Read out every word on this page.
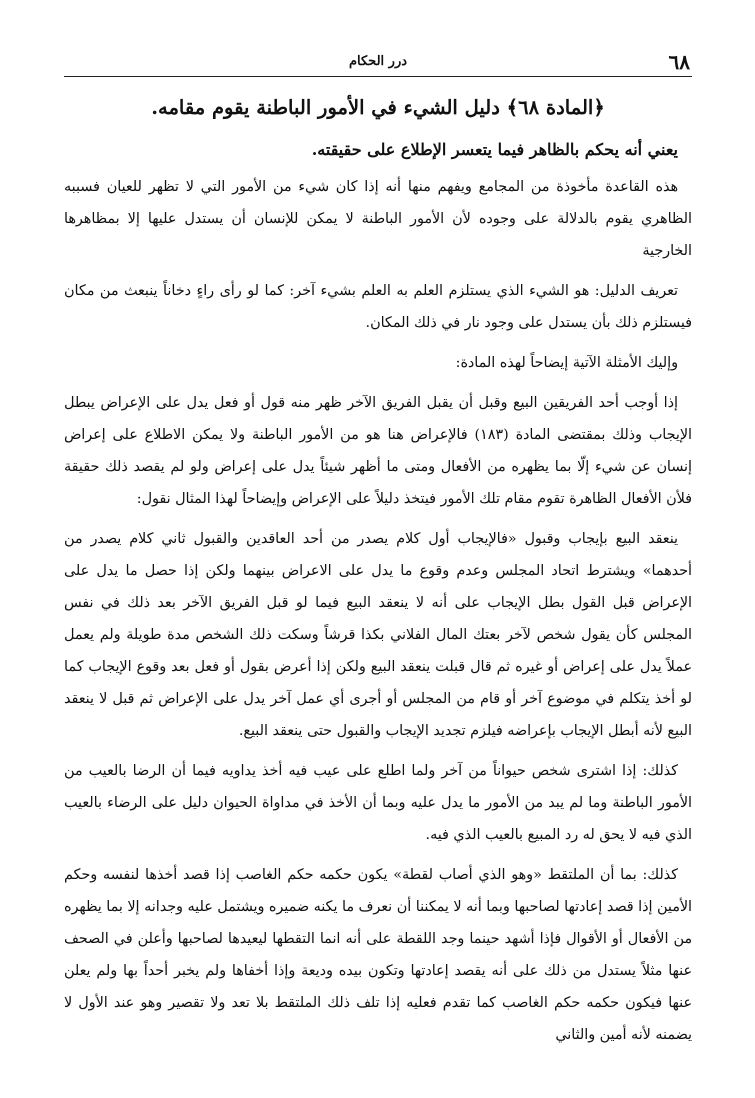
٦٨
درر الحكام
﴿المادة ٦٨﴾ دليل الشيء في الأمور الباطنة يقوم مقامه.

يعني أنه يحكم بالظاهر فيما يتعسر الإطلاع على حقيقته.

هذه القاعدة مأخوذة من المجامع ويفهم منها أنه إذا كان شيء من الأمور التي لا تظهر للعيان فسببه الظاهري يقوم بالدلالة على وجوده لأن الأمور الباطنة لا يمكن للإنسان أن يستدل عليها إلا بمظاهرها الخارجية

تعريف الدليل: هو الشيء الذي يستلزم العلم به العلم بشيء آخر: كما لو رأى راءٍ دخاناً ينبعث من مكان فيستلزم ذلك بأن يستدل على وجود نار في ذلك المكان.

وإليك الأمثلة الآتية إيضاحاً لهذه المادة:

إذا أوجب أحد الفريقين البيع وقبل أن يقبل الفريق الآخر ظهر منه قول أو فعل يدل على الإعراض يبطل الإيجاب وذلك بمقتضى المادة (١٨٣) فالإعراض هنا هو من الأمور الباطنة ولا يمكن الاطلاع على إعراض إنسان عن شيء إلّا بما يظهره من الأفعال ومتى ما أظهر شيئاً يدل على إعراض ولو لم يقصد ذلك حقيقة فلأن الأفعال الظاهرة تقوم مقام تلك الأمور فيتخذ دليلاً على الإعراض وإيضاحاً لهذا المثال نقول:

ينعقد البيع بإيجاب وقبول «فالإيجاب أول كلام يصدر من أحد العاقدين والقبول ثاني كلام يصدر من أحدهما» ويشترط اتحاد المجلس وعدم وقوع ما يدل على الاعراض بينهما ولكن إذا حصل ما يدل على الإعراض قبل القول بطل الإيجاب على أنه لا ينعقد البيع فيما لو قبل الفريق الآخر بعد ذلك في نفس المجلس كأن يقول شخص لآخر بعتك المال الفلاني بكذا قرشاً وسكت ذلك الشخص مدة طويلة ولم يعمل عملاً يدل على إعراض أو غيره ثم قال قبلت ينعقد البيع ولكن إذا أعرض بقول أو فعل بعد وقوع الإيجاب كما لو أخذ يتكلم في موضوع آخر أو قام من المجلس أو أجرى أي عمل آخر يدل على الإعراض ثم قبل لا ينعقد البيع لأنه أبطل الإيجاب بإعراضه فيلزم تجديد الإيجاب والقبول حتى ينعقد البيع.

كذلك: إذا اشترى شخص حيواناً من آخر ولما اطلع على عيب فيه أخذ يداويه فيما أن الرضا بالعيب من الأمور الباطنة وما لم يبد من الأمور ما يدل عليه وبما أن الأخذ في مداواة الحيوان دليل على الرضاء بالعيب الذي فيه لا يحق له رد المبيع بالعيب الذي فيه.

كذلك: بما أن الملتقط «وهو الذي أصاب لقطة» يكون حكمه حكم الغاصب إذا قصد أخذها لنفسه وحكم الأمين إذا قصد إعادتها لصاحبها وبما أنه لا يمكننا أن نعرف ما يكنه ضميره ويشتمل عليه وجدانه إلا بما يظهره من الأفعال أو الأقوال فإذا أشهد حينما وجد اللقطة على أنه انما التقطها ليعيدها لصاحبها وأعلن في الصحف عنها مثلاً يستدل من ذلك على أنه يقصد إعادتها وتكون بيده وديعة وإذا أخفاها ولم يخبر أحداً بها ولم يعلن عنها فيكون حكمه حكم الغاصب كما تقدم فعليه إذا تلف ذلك الملتقط بلا تعد ولا تقصير وهو عند الأول لا يضمنه لأنه أمين والثاني
